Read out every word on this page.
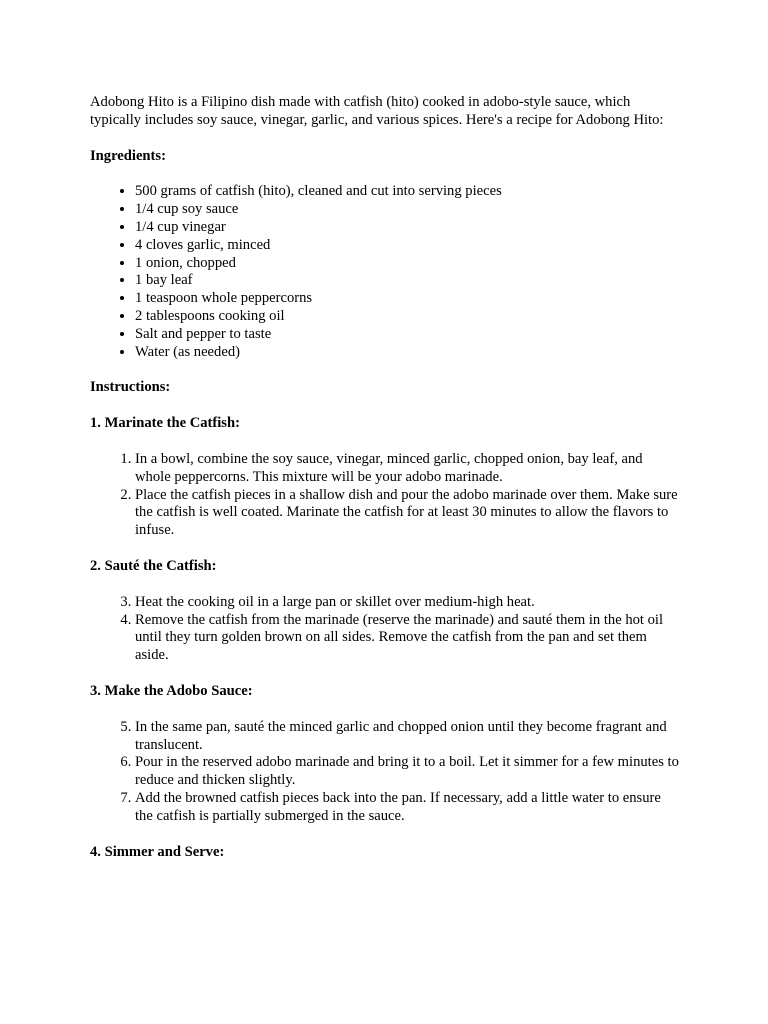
Adobong Hito is a Filipino dish made with catfish (hito) cooked in adobo-style sauce, which typically includes soy sauce, vinegar, garlic, and various spices. Here's a recipe for Adobong Hito:

Ingredients:

• 500 grams of catfish (hito), cleaned and cut into serving pieces
• 1/4 cup soy sauce
• 1/4 cup vinegar
• 4 cloves garlic, minced
• 1 onion, chopped
• 1 bay leaf
• 1 teaspoon whole peppercorns
• 2 tablespoons cooking oil
• Salt and pepper to taste
• Water (as needed)

Instructions:

1. Marinate the Catfish:

1. In a bowl, combine the soy sauce, vinegar, minced garlic, chopped onion, bay leaf, and whole peppercorns. This mixture will be your adobo marinade.
2. Place the catfish pieces in a shallow dish and pour the adobo marinade over them. Make sure the catfish is well coated. Marinate the catfish for at least 30 minutes to allow the flavors to infuse.

2. Sauté the Catfish:

3. Heat the cooking oil in a large pan or skillet over medium-high heat.
4. Remove the catfish from the marinade (reserve the marinade) and sauté them in the hot oil until they turn golden brown on all sides. Remove the catfish from the pan and set them aside.

3. Make the Adobo Sauce:

5. In the same pan, sauté the minced garlic and chopped onion until they become fragrant and translucent.
6. Pour in the reserved adobo marinade and bring it to a boil. Let it simmer for a few minutes to reduce and thicken slightly.
7. Add the browned catfish pieces back into the pan. If necessary, add a little water to ensure the catfish is partially submerged in the sauce.

4. Simmer and Serve:
